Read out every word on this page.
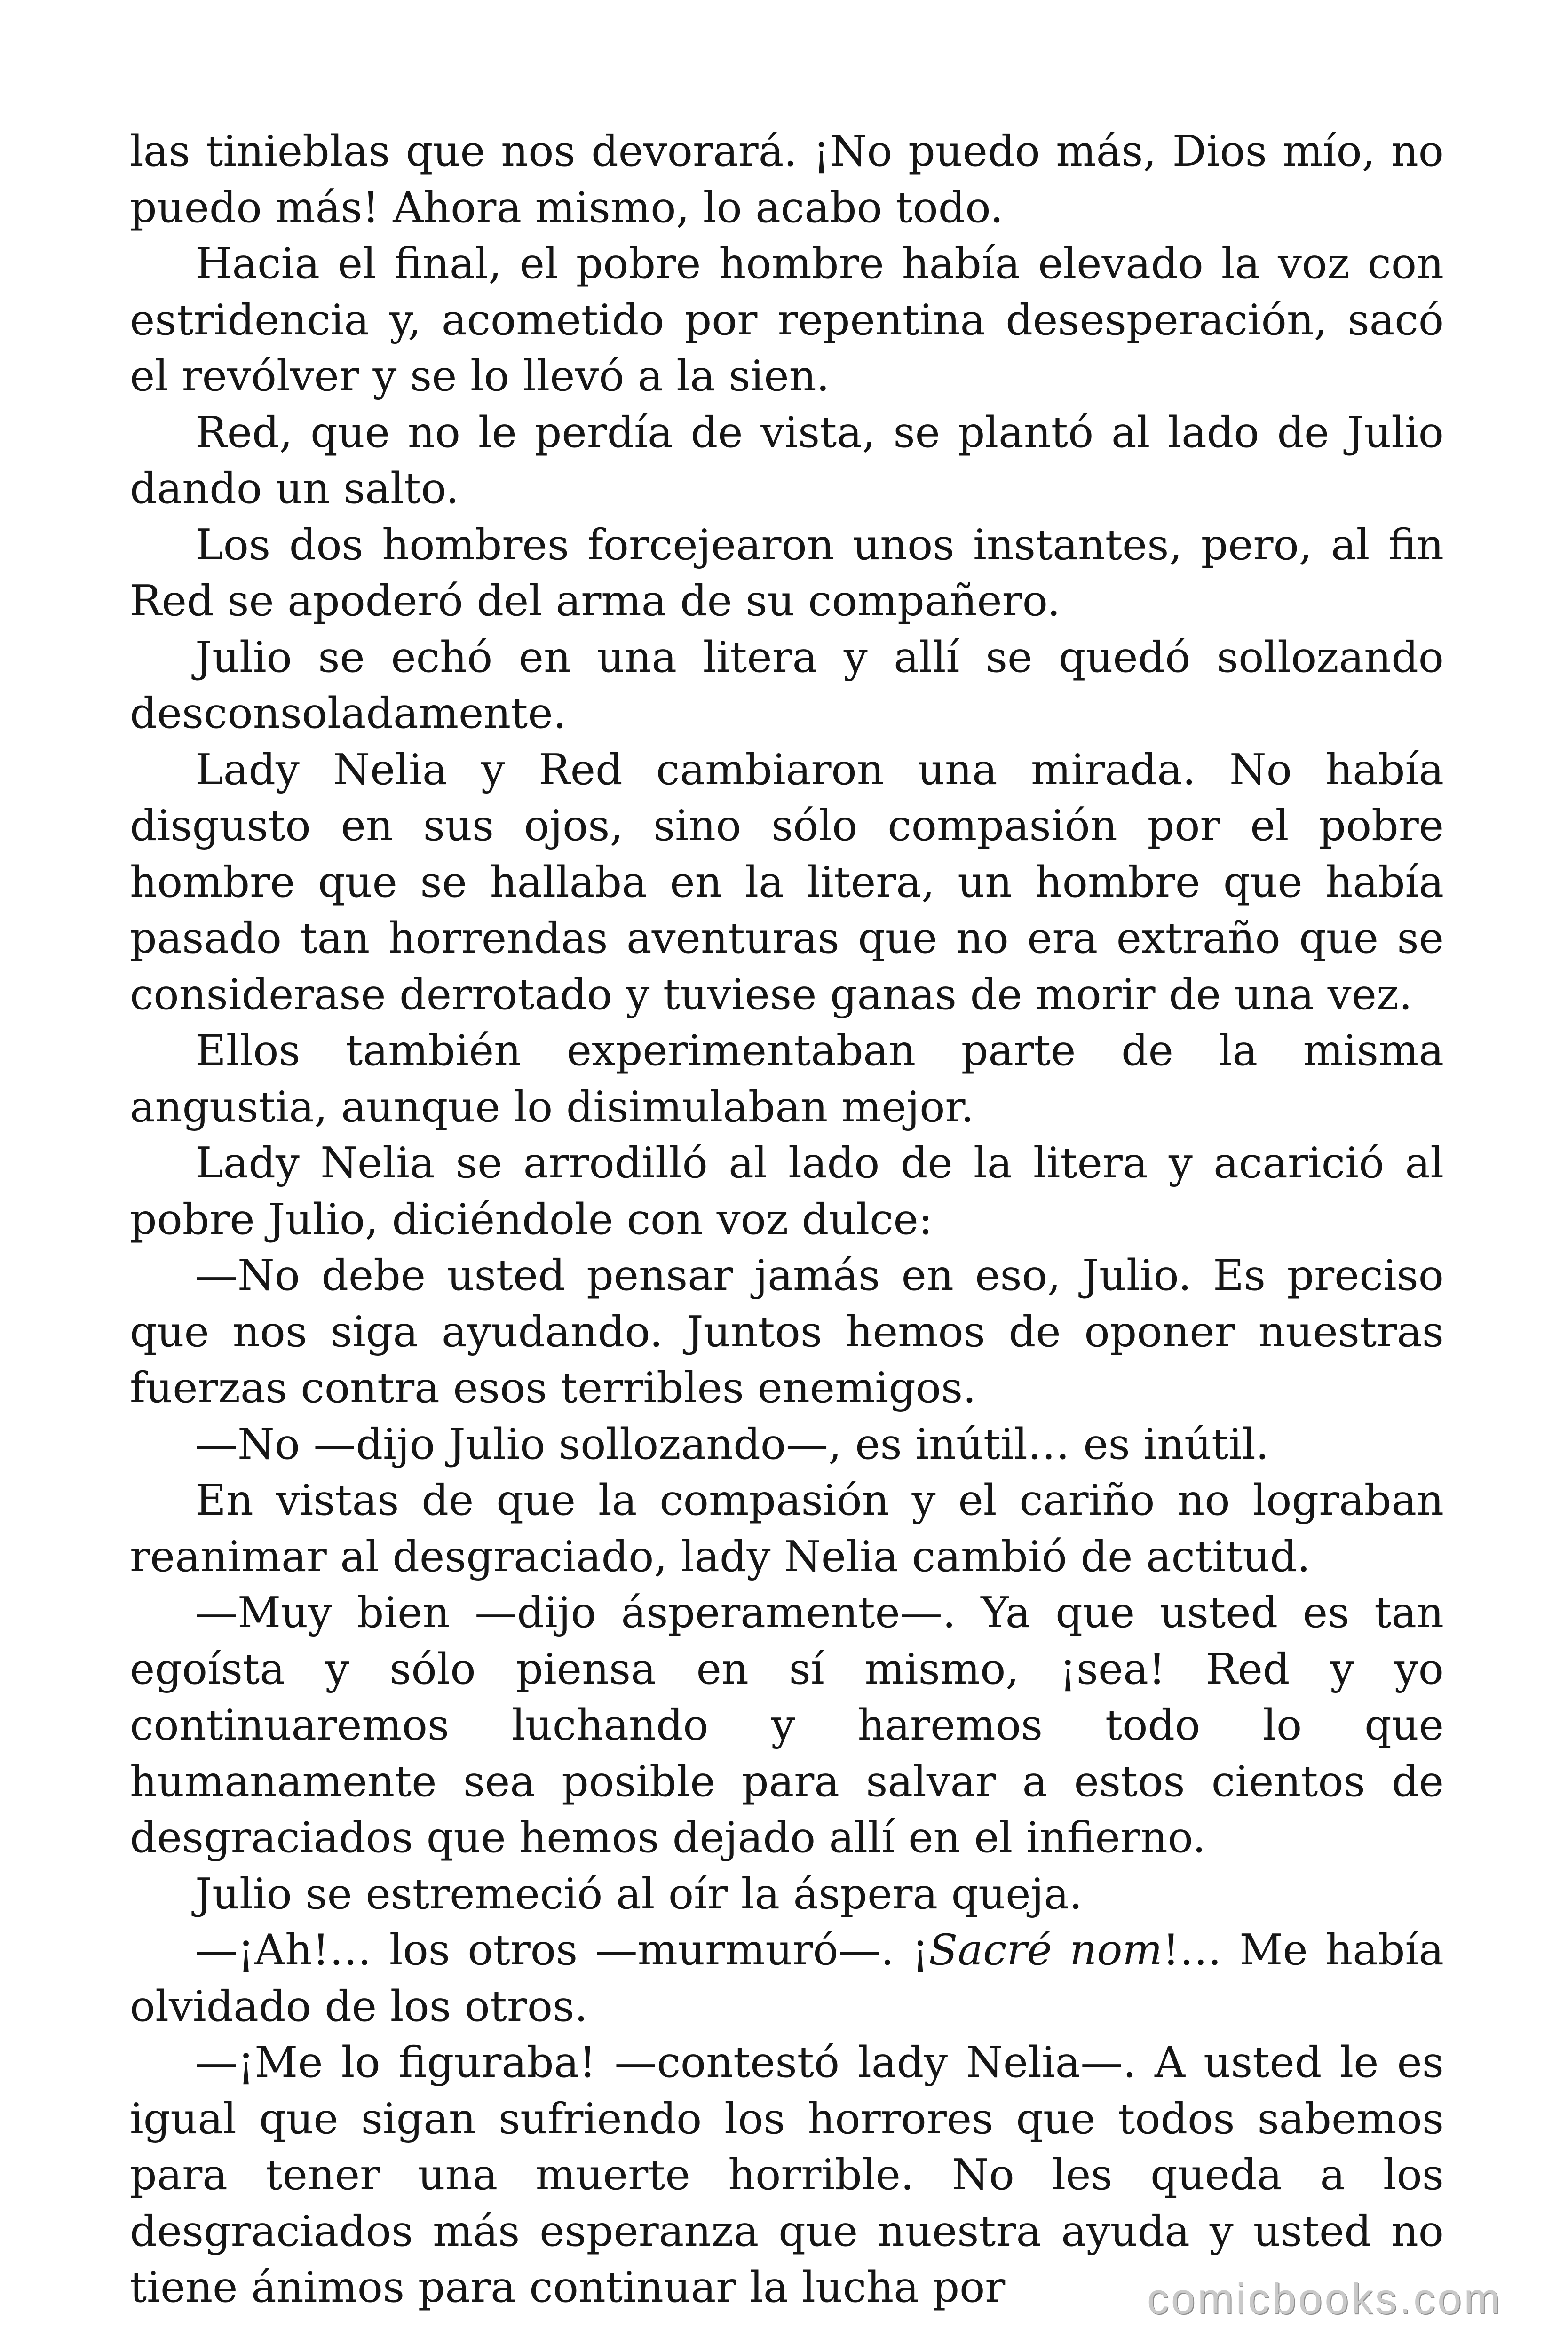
las tinieblas que nos devorará. ¡No puedo más, Dios mío, no puedo más! Ahora mismo, lo acabo todo.

Hacia el final, el pobre hombre había elevado la voz con estridencia y, acometido por repentina desesperación, sacó el revólver y se lo llevó a la sien.

Red, que no le perdía de vista, se plantó al lado de Julio dando un salto.

Los dos hombres forcejearon unos instantes, pero, al fin Red se apoderó del arma de su compañero.

Julio se echó en una litera y allí se quedó sollozando desconsoladamente.

Lady Nelia y Red cambiaron una mirada. No había disgusto en sus ojos, sino sólo compasión por el pobre hombre que se hallaba en la litera, un hombre que había pasado tan horrendas aventuras que no era extraño que se considerase derrotado y tuviese ganas de morir de una vez.

Ellos también experimentaban parte de la misma angustia, aunque lo disimulaban mejor.

Lady Nelia se arrodilló al lado de la litera y acarició al pobre Julio, diciéndole con voz dulce:

—No debe usted pensar jamás en eso, Julio. Es preciso que nos siga ayudando. Juntos hemos de oponer nuestras fuerzas contra esos terribles enemigos.

—No —dijo Julio sollozando—, es inútil… es inútil.

En vistas de que la compasión y el cariño no lograban reanimar al desgraciado, lady Nelia cambió de actitud.

—Muy bien —dijo ásperamente—. Ya que usted es tan egoísta y sólo piensa en sí mismo, ¡sea! Red y yo continuaremos luchando y haremos todo lo que humanamente sea posible para salvar a estos cientos de desgraciados que hemos dejado allí en el infierno.

Julio se estremeció al oír la áspera queja.

—¡Ah!… los otros —murmuró—. ¡Sacré nom!… Me había olvidado de los otros.

—¡Me lo figuraba! —contestó lady Nelia—. A usted le es igual que sigan sufriendo los horrores que todos sabemos para tener una muerte horrible. No les queda a los desgraciados más esperanza que nuestra ayuda y usted no tiene ánimos para continuar la lucha por	comicbooks.com
